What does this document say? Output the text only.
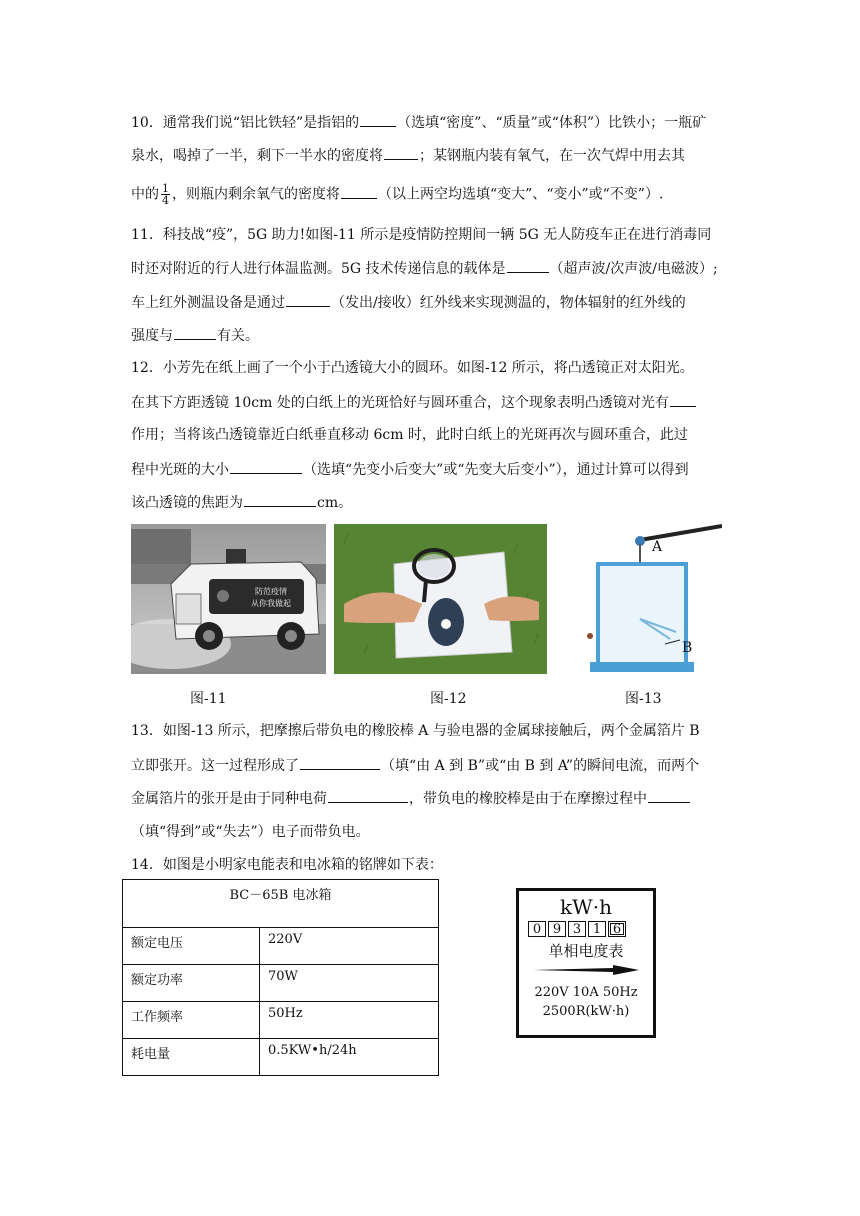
10．通常我们说“铝比铁轻”是指铝的	（选填“密度”、“质量”或“体积”）比铁小；一瓶矿
泉水，喝掉了一半，剩下一半水的密度将	；某钢瓶内装有氧气，在一次气焊中用去其
中的 $\frac{1}{4}$ ，则瓶内剩余氧气的密度将	（以上两空均选填“变大”、“变小”或“不变”）.
11．科技战“疫”，5G 助力!如图-11 所示是疫情防控期间一辆 5G 无人防疫车正在进行消毒同
时还对附近的行人进行体温监测。5G 技术传递信息的载体是	（超声波/次声波/电磁波）;
车上红外测温设备是通过	（发出/接收）红外线来实现测温的，物体辐射的红外线的
强度与	有关。
12．小芳先在纸上画了一个小于凸透镜大小的圆环。如图-12 所示，将凸透镜正对太阳光。
在其下方距透镜 10cm 处的白纸上的光斑恰好与圆环重合，这个现象表明凸透镜对光有
作用；当将该凸透镜靠近白纸垂直移动 6cm 时，此时白纸上的光斑再次与圆环重合，此过
程中光斑的大小	（选填“先变小后变大”或“先变大后变小”），通过计算可以得到
该凸透镜的焦距为	cm。
防范疫情
从你我做起
A
B
图-11	图-12	图-13
13．如图-13 所示，把摩擦后带负电的橡胶棒 A 与验电器的金属球接触后，两个金属箔片 B
立即张开。这一过程形成了	（填“由 A 到 B”或“由 B 到 A”的瞬间电流，而两个
金属箔片的张开是由于同种电荷	，带负电的橡胶棒是由于在摩擦过程中
（填“得到”或“失去”）电子而带负电。
14．如图是小明家电能表和电冰箱的铭牌如下表：
BC－65B 电冰箱	
额定电压	220V
额定功率	70W
工作频率	50Hz
耗电量	0.5KW•h/24h
kW·h
0 9 3 1 6
单相电度表
220V 10A 50Hz
2500R(kW·h)
